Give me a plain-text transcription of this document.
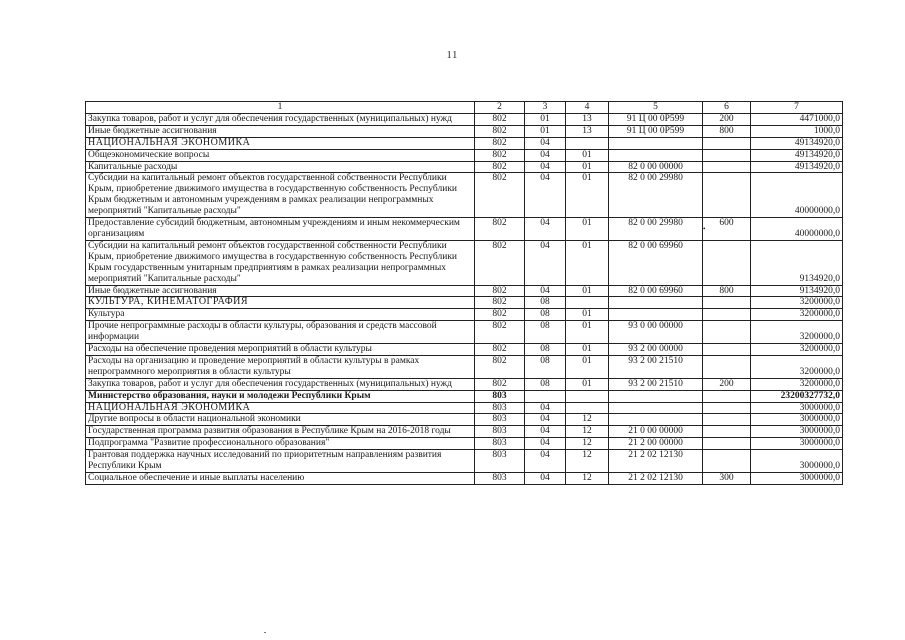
11
1	2	3	4	5	6	7
Закупка товаров, работ и услуг для обеспечения государственных (муниципальных) нужд	802	01	13	91 Ц 00 0Р599	200	4471000,0
Иные бюджетные ассигнования	802	01	13	91 Ц 00 0Р599	800	1000,0
НАЦИОНАЛЬНАЯ ЭКОНОМИКА	802	04				49134920,0
Общеэкономические вопросы	802	04	01			49134920,0
Капитальные расходы	802	04	01	82 0 00 00000		49134920,0
Субсидии на капитальный ремонт объектов государственной собственности Республики Крым, приобретение движимого имущества в государственную собственность Республики Крым бюджетным и автономным учреждениям в рамках реализации непрограммных мероприятий "Капитальные расходы"	802	04	01	82 0 00 29980		40000000,0
Предоставление субсидий бюджетным, автономным учреждениям и иным некоммерческим организациям	802	04	01	82 0 00 29980	600	40000000,0
Субсидии на капитальный ремонт объектов государственной собственности Республики Крым, приобретение движимого имущества в государственную собственность Республики Крым государственным унитарным предприятиям в рамках реализации непрограммных мероприятий "Капитальные расходы"	802	04	01	82 0 00 69960		9134920,0
Иные бюджетные ассигнования	802	04	01	82 0 00 69960	800	9134920,0
КУЛЬТУРА, КИНЕМАТОГРАФИЯ	802	08				3200000,0
Культура	802	08	01			3200000,0
Прочие непрограммные расходы в области культуры, образования и средств массовой информации	802	08	01	93 0 00 00000		3200000,0
Расходы на обеспечение проведения мероприятий в области культуры	802	08	01	93 2 00 00000		3200000,0
Расходы на организацию и проведение мероприятий в области культуры в рамках непрограммного мероприятия в области культуры	802	08	01	93 2 00 21510		3200000,0
Закупка товаров, работ и услуг для обеспечения государственных (муниципальных) нужд	802	08	01	93 2 00 21510	200	3200000,0
Министерство образования, науки и молодежи Республики Крым	803					23200327732,0
НАЦИОНАЛЬНАЯ ЭКОНОМИКА	803	04				3000000,0
Другие вопросы в области национальной экономики	803	04	12			3000000,0
Государственная программа развития образования в Республике Крым на 2016-2018 годы	803	04	12	21 0 00 00000		3000000,0
Подпрограмма "Развитие профессионального образования"	803	04	12	21 2 00 00000		3000000,0
Грантовая поддержка научных исследований по приоритетным направлениям развития Республики Крым	803	04	12	21 2 02 12130		3000000,0
Социальное обеспечение и иные выплаты населению	803	04	12	21 2 02 12130	300	3000000,0
•
